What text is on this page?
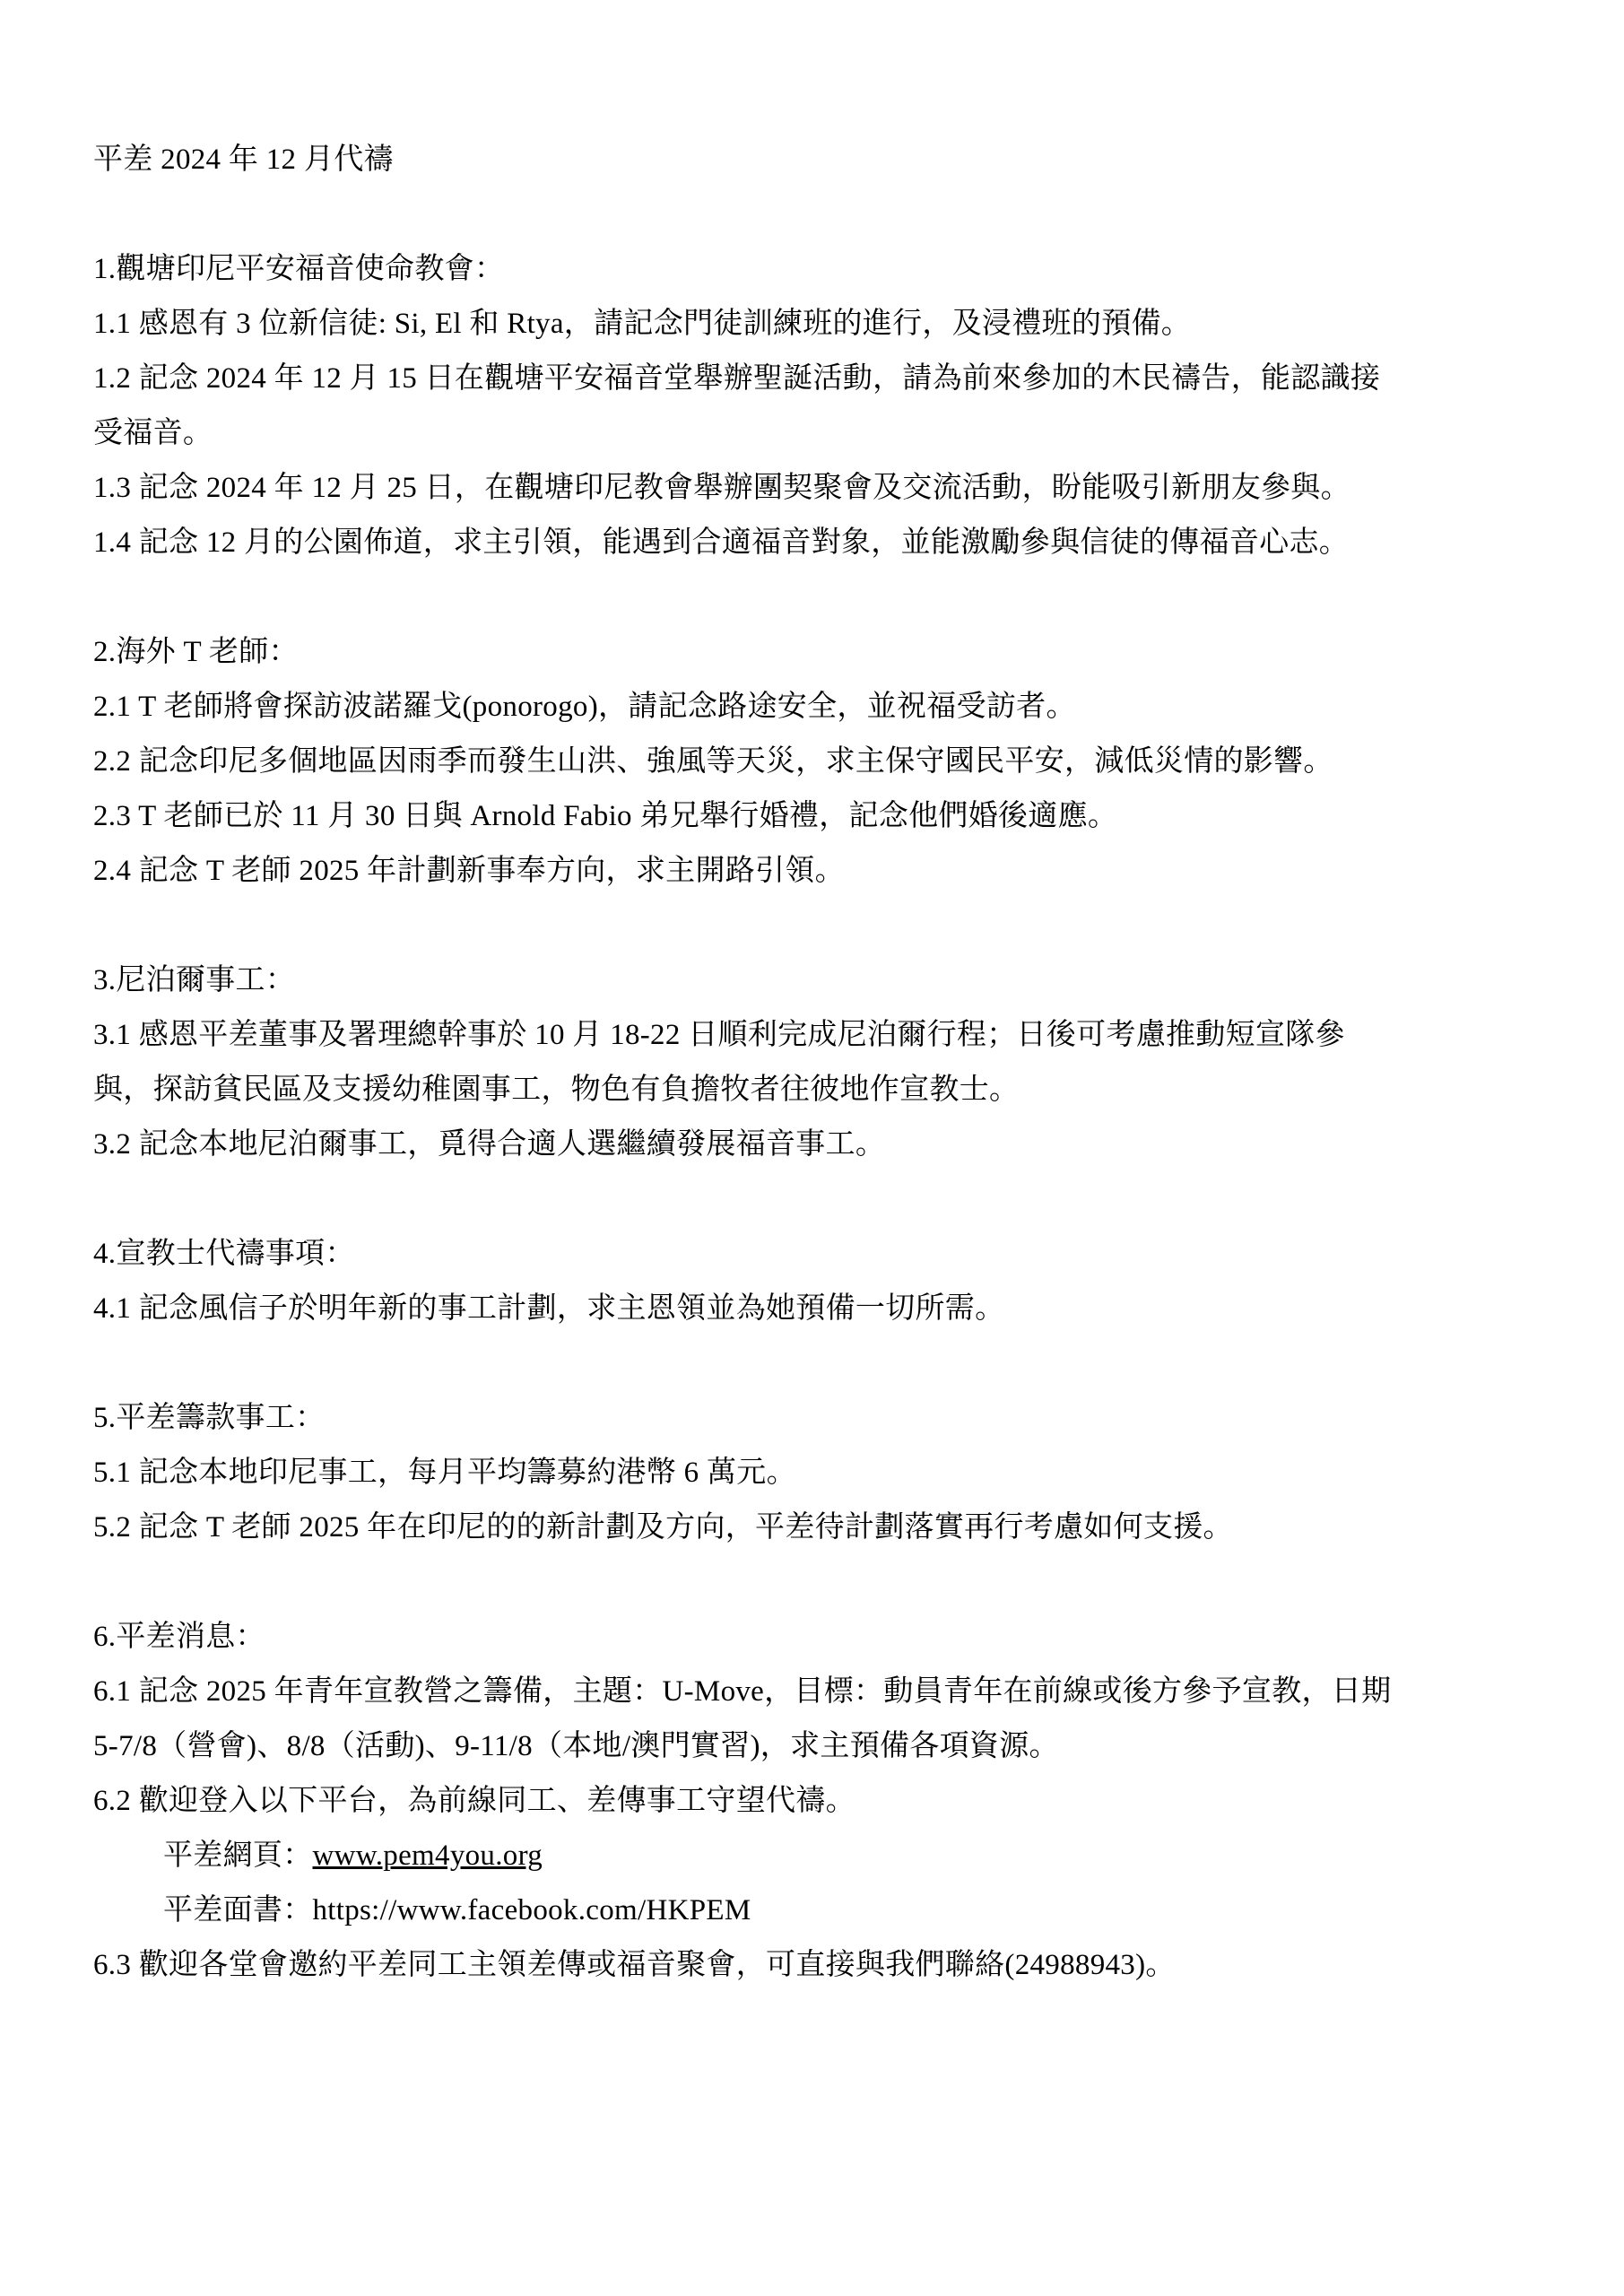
平差 2024 年 12 月代禱
1.觀塘印尼平安福音使命教會：
1.1 感恩有 3 位新信徒: Si, El 和 Rtya，請記念門徒訓練班的進行，及浸禮班的預備。
1.2 記念 2024 年 12 月 15 日在觀塘平安福音堂舉辦聖誕活動，請為前來參加的木民禱告，能認識接
受福音。
1.3 記念 2024 年 12 月 25 日，在觀塘印尼教會舉辦團契聚會及交流活動，盼能吸引新朋友參與。
1.4 記念 12 月的公園佈道，求主引領，能遇到合適福音對象，並能激勵參與信徒的傳福音心志。
2.海外 T 老師：
2.1 T 老師將會探訪波諾羅戈(ponorogo)，請記念路途安全，並祝福受訪者。
2.2 記念印尼多個地區因雨季而發生山洪、強風等天災，求主保守國民平安，減低災情的影響。
2.3 T 老師已於 11 月 30 日與 Arnold Fabio 弟兄舉行婚禮，記念他們婚後適應。
2.4 記念 T 老師 2025 年計劃新事奉方向，求主開路引領。
3.尼泊爾事工：
3.1 感恩平差董事及署理總幹事於 10 月 18-22 日順利完成尼泊爾行程；日後可考慮推動短宣隊參
與，探訪貧民區及支援幼稚園事工，物色有負擔牧者往彼地作宣教士。
3.2 記念本地尼泊爾事工，覓得合適人選繼續發展福音事工。
4.宣教士代禱事項：
4.1 記念風信子於明年新的事工計劃，求主恩領並為她預備一切所需。
5.平差籌款事工：
5.1 記念本地印尼事工，每月平均籌募約港幣 6 萬元。
5.2 記念 T 老師 2025 年在印尼的的新計劃及方向，平差待計劃落實再行考慮如何支援。
6.平差消息：
6.1 記念 2025 年青年宣教營之籌備，主題：U-Move，目標：動員青年在前線或後方參予宣教，日期
5-7/8（營會)、8/8（活動)、9-11/8（本地/澳門實習)，求主預備各項資源。
6.2 歡迎登入以下平台，為前線同工、差傳事工守望代禱。
平差網頁：www.pem4you.org
平差面書：https://www.facebook.com/HKPEM
6.3 歡迎各堂會邀約平差同工主領差傳或福音聚會，可直接與我們聯絡(24988943)。
